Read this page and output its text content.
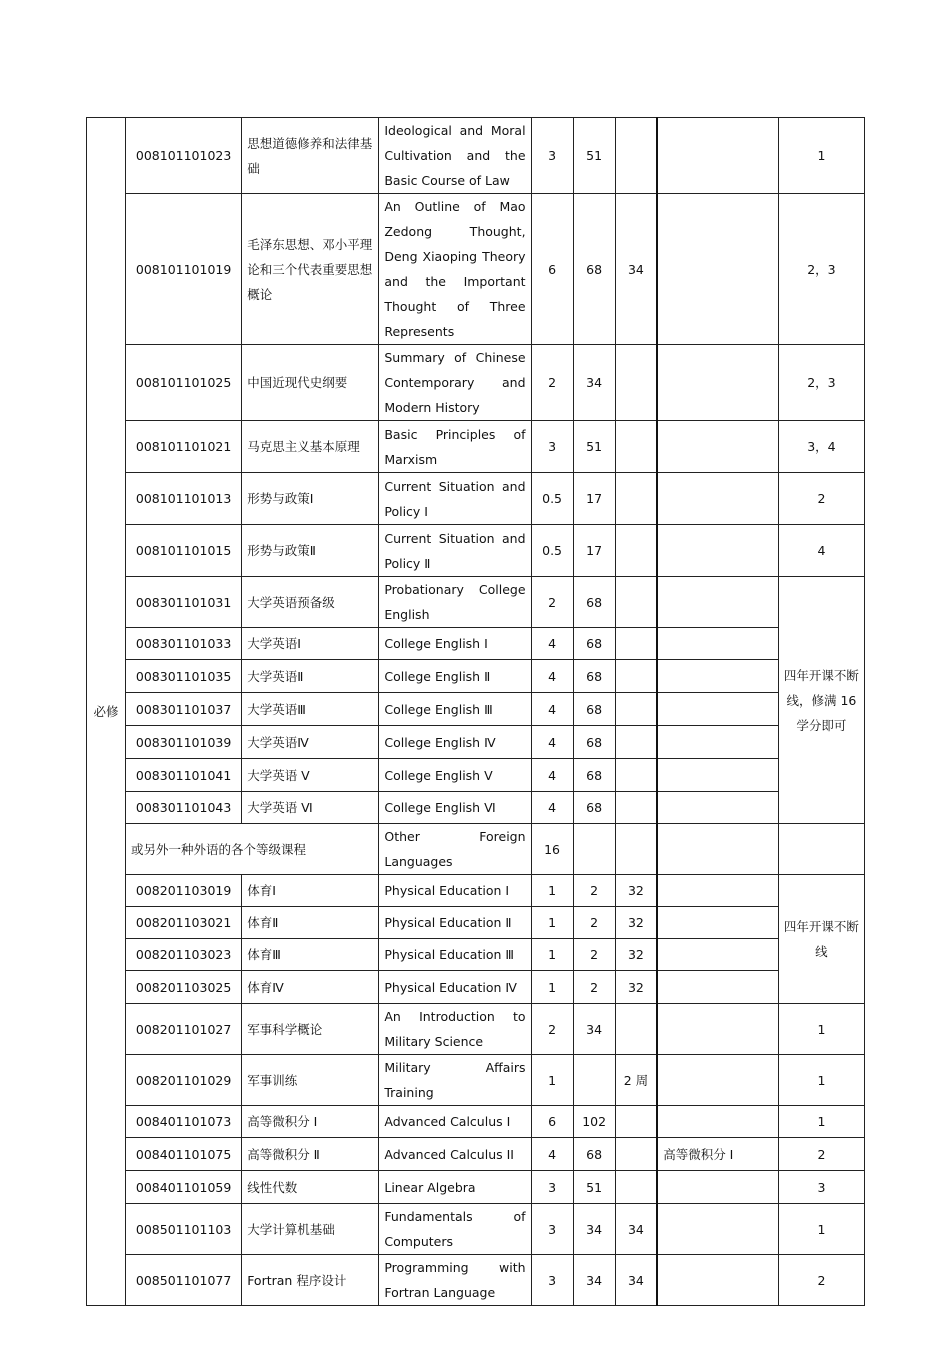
必修	008101101023	思想道德修养和法律基础	Ideological and Moral Cultivation and the Basic Course of Law	3	51			1
	008101101019	毛泽东思想、邓小平理论和三个代表重要思想概论	An Outline of Mao Zedong Thought, Deng Xiaoping Theory and the Important Thought of Three Represents	6	68	34		2，3
	008101101025	中国近现代史纲要	Summary of Chinese Contemporary and Modern History	2	34			2，3
	008101101021	马克思主义基本原理	Basic Principles of Marxism	3	51			3，4
	008101101013	形势与政策Ⅰ	Current Situation and Policy Ⅰ	0.5	17			2
	008101101015	形势与政策Ⅱ	Current Situation and Policy Ⅱ	0.5	17			4
	008301101031	大学英语预备级	Probationary College English	2	68			四年开课不断线，修满 16 学分即可
	008301101033	大学英语Ⅰ	College English Ⅰ	4	68			
	008301101035	大学英语Ⅱ	College English Ⅱ	4	68			
	008301101037	大学英语Ⅲ	College English Ⅲ	4	68			
	008301101039	大学英语Ⅳ	College English Ⅳ	4	68			
	008301101041	大学英语 Ⅴ	College English Ⅴ	4	68			
	008301101043	大学英语 Ⅵ	College English Ⅵ	4	68			
	或另外一种外语的各个等级课程		Other Foreign Languages	16				
	008201103019	体育Ⅰ	Physical Education Ⅰ	1	2	32		四年开课不断线
	008201103021	体育Ⅱ	Physical Education Ⅱ	1	2	32		
	008201103023	体育Ⅲ	Physical Education Ⅲ	1	2	32		
	008201103025	体育Ⅳ	Physical Education Ⅳ	1	2	32		
	008201101027	军事科学概论	An Introduction to Military Science	2	34			1
	008201101029	军事训练	Military Affairs Training	1		2 周		1
	008401101073	高等微积分 Ⅰ	Advanced Calculus I	6	102			1
	008401101075	高等微积分 Ⅱ	Advanced Calculus II	4	68		高等微积分 Ⅰ	2
	008401101059	线性代数	Linear Algebra	3	51			3
	008501101103	大学计算机基础	Fundamentals of Computers	3	34	34		1
	008501101077	Fortran 程序设计	Programming with Fortran Language	3	34	34		2
